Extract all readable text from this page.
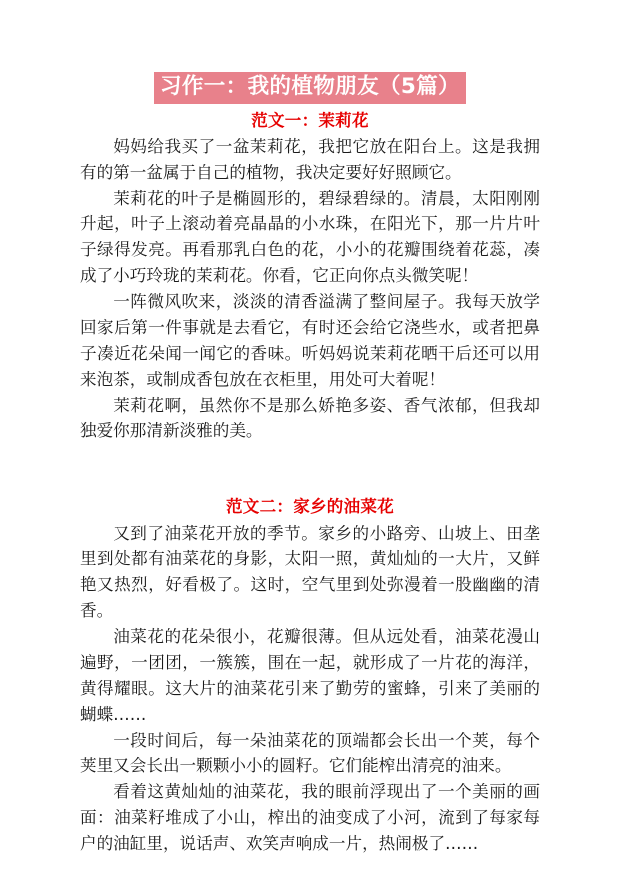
习作一：我的植物朋友（5篇）
范文一：茉莉花

妈妈给我买了一盆茉莉花，我把它放在阳台上。这是我拥有的第一盆属于自己的植物，我决定要好好照顾它。

茉莉花的叶子是椭圆形的，碧绿碧绿的。清晨，太阳刚刚升起，叶子上滚动着亮晶晶的小水珠，在阳光下，那一片片叶子绿得发亮。再看那乳白色的花，小小的花瓣围绕着花蕊，凑成了小巧玲珑的茉莉花。你看，它正向你点头微笑呢！

一阵微风吹来，淡淡的清香溢满了整间屋子。我每天放学回家后第一件事就是去看它，有时还会给它浇些水，或者把鼻子凑近花朵闻一闻它的香味。听妈妈说茉莉花晒干后还可以用来泡茶，或制成香包放在衣柜里，用处可大着呢！

茉莉花啊，虽然你不是那么娇艳多姿、香气浓郁，但我却独爱你那清新淡雅的美。

范文二：家乡的油菜花

又到了油菜花开放的季节。家乡的小路旁、山坡上、田垄里到处都有油菜花的身影，太阳一照，黄灿灿的一大片，又鲜艳又热烈，好看极了。这时，空气里到处弥漫着一股幽幽的清香。

油菜花的花朵很小，花瓣很薄。但从远处看，油菜花漫山遍野，一团团，一簇簇，围在一起，就形成了一片花的海洋，黄得耀眼。这大片的油菜花引来了勤劳的蜜蜂，引来了美丽的蝴蝶……

一段时间后，每一朵油菜花的顶端都会长出一个荚，每个荚里又会长出一颗颗小小的圆籽。它们能榨出清亮的油来。

看着这黄灿灿的油菜花，我的眼前浮现出了一个美丽的画面：油菜籽堆成了小山，榨出的油变成了小河，流到了每家每户的油缸里，说话声、欢笑声响成一片，热闹极了……
